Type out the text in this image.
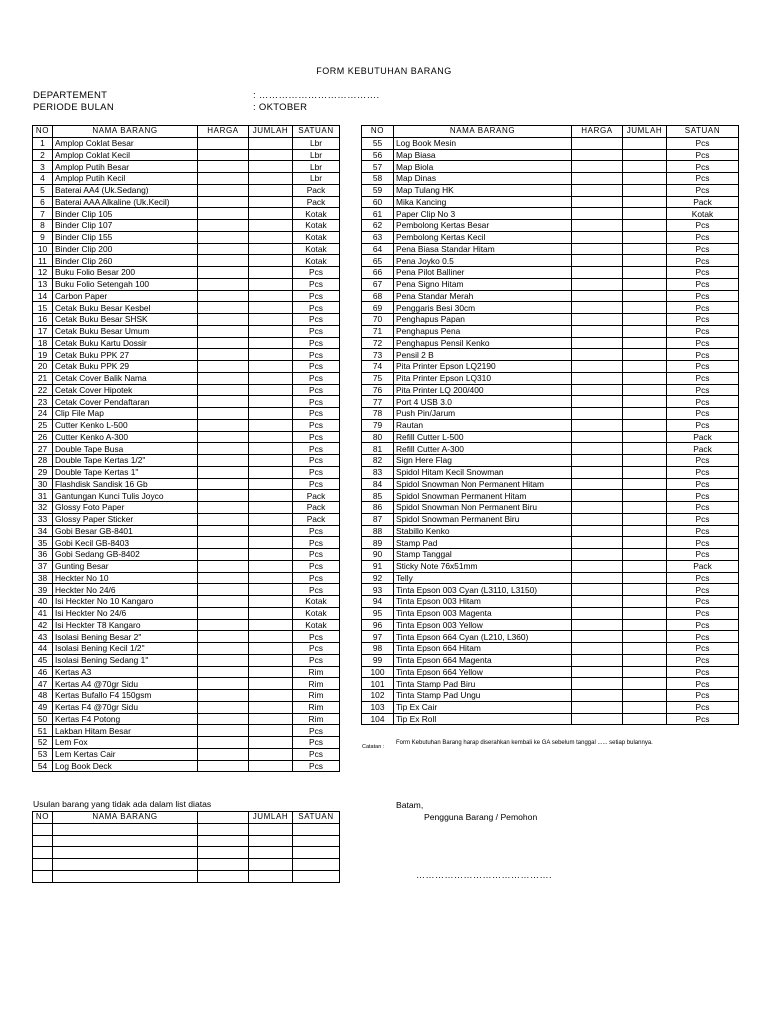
FORM KEBUTUHAN BARANG
DEPARTEMENT	: ……………………………….
PERIODE BULAN	: OKTOBER
NO	NAMA BARANG	HARGA	JUMLAH	SATUAN
1	Amplop Coklat Besar			Lbr
2	Amplop Coklat Kecil			Lbr
3	Amplop Putih Besar			Lbr
4	Amplop Putih Kecil			Lbr
5	Baterai AA4 (Uk.Sedang)			Pack
6	Baterai AAA Alkaline (Uk.Kecil)			Pack
7	Binder Clip 105			Kotak
8	Binder Clip 107			Kotak
9	Binder Clip 155			Kotak
10	Binder Clip 200			Kotak
11	Binder Clip 260			Kotak
12	Buku Folio Besar 200			Pcs
13	Buku Folio Setengah 100			Pcs
14	Carbon Paper			Pcs
15	Cetak Buku Besar Kesbel			Pcs
16	Cetak Buku Besar SHSK			Pcs
17	Cetak Buku Besar Umum			Pcs
18	Cetak Buku Kartu Dossir			Pcs
19	Cetak Buku PPK 27			Pcs
20	Cetak Buku PPK 29			Pcs
21	Cetak Cover Balik Nama			Pcs
22	Cetak Cover Hipotek			Pcs
23	Cetak Cover Pendaftaran			Pcs
24	Clip File Map			Pcs
25	Cutter Kenko L-500			Pcs
26	Cutter Kenko A-300			Pcs
27	Double Tape Busa			Pcs
28	Double Tape Kertas 1/2"			Pcs
29	Double Tape Kertas 1"			Pcs
30	Flashdisk Sandisk 16 Gb			Pcs
31	Gantungan Kunci Tulis Joyco			Pack
32	Glossy Foto Paper			Pack
33	Glossy Paper Sticker			Pack
34	Gobi Besar GB-8401			Pcs
35	Gobi Kecil GB-8403			Pcs
36	Gobi Sedang GB-8402			Pcs
37	Gunting Besar			Pcs
38	Heckter No 10			Pcs
39	Heckter No 24/6			Pcs
40	Isi Heckter No 10 Kangaro			Kotak
41	Isi Heckter No 24/6			Kotak
42	Isi Heckter T8 Kangaro			Kotak
43	Isolasi Bening Besar 2"			Pcs
44	Isolasi Bening Kecil 1/2"			Pcs
45	Isolasi Bening Sedang 1"			Pcs
46	Kertas A3			Rim
47	Kertas A4 @70gr Sidu			Rim
48	Kertas Bufallo F4 150gsm			Rim
49	Kertas F4 @70gr Sidu			Rim
50	Kertas F4 Potong			Rim
51	Lakban Hitam Besar			Pcs
52	Lem Fox			Pcs
53	Lem Kertas Cair			Pcs
54	Log Book Deck			Pcs
NO	NAMA BARANG	HARGA	JUMLAH	SATUAN
55	Log Book Mesin			Pcs
56	Map Biasa			Pcs
57	Map Biola			Pcs
58	Map Dinas			Pcs
59	Map Tulang HK			Pcs
60	Mika Kancing			Pack
61	Paper Clip No 3			Kotak
62	Pembolong Kertas Besar			Pcs
63	Pembolong Kertas Kecil			Pcs
64	Pena Biasa Standar Hitam			Pcs
65	Pena Joyko 0.5			Pcs
66	Pena Pilot Balliner			Pcs
67	Pena Signo Hitam			Pcs
68	Pena Standar Merah			Pcs
69	Penggaris Besi 30cm			Pcs
70	Penghapus Papan			Pcs
71	Penghapus Pena			Pcs
72	Penghapus Pensil Kenko			Pcs
73	Pensil 2 B			Pcs
74	Pita Printer Epson LQ2190			Pcs
75	Pita Printer Epson LQ310			Pcs
76	Pita Printer LQ 200/400			Pcs
77	Port 4 USB 3.0			Pcs
78	Push Pin/Jarum			Pcs
79	Rautan			Pcs
80	Refill Cutter L-500			Pack
81	Refill Cutter A-300			Pack
82	Sign Here Flag			Pcs
83	Spidol Hitam Kecil Snowman			Pcs
84	Spidol Snowman Non Permanent Hitam			Pcs
85	Spidol Snowman Permanent Hitam			Pcs
86	Spidol Snowman Non Permanent Biru			Pcs
87	Spidol Snowman Permanent Biru			Pcs
88	Stabillo Kenko			Pcs
89	Stamp Pad			Pcs
90	Stamp Tanggal			Pcs
91	Sticky Note 76x51mm			Pack
92	Telly			Pcs
93	Tinta Epson 003 Cyan (L3110, L3150)			Pcs
94	Tinta Epson 003 Hitam			Pcs
95	Tinta Epson 003 Magenta			Pcs
96	Tinta Epson 003 Yellow			Pcs
97	Tinta Epson 664 Cyan (L210, L360)			Pcs
98	Tinta Epson 664 Hitam			Pcs
99	Tinta Epson 664 Magenta			Pcs
100	Tinta Epson 664 Yellow			Pcs
101	Tinta Stamp Pad Biru			Pcs
102	Tinta Stamp Pad Ungu			Pcs
103	Tip Ex Cair			Pcs
104	Tip Ex Roll			Pcs
Catatan :
Form Kebutuhan Barang harap diserahkan kembali ke GA sebelum tanggal ...... setiap bulannya.
Usulan barang yang tidak ada dalam list diatas
NO	NAMA BARANG		JUMLAH	SATUAN

Batam,
Pengguna Barang / Pemohon
…………………………………….
